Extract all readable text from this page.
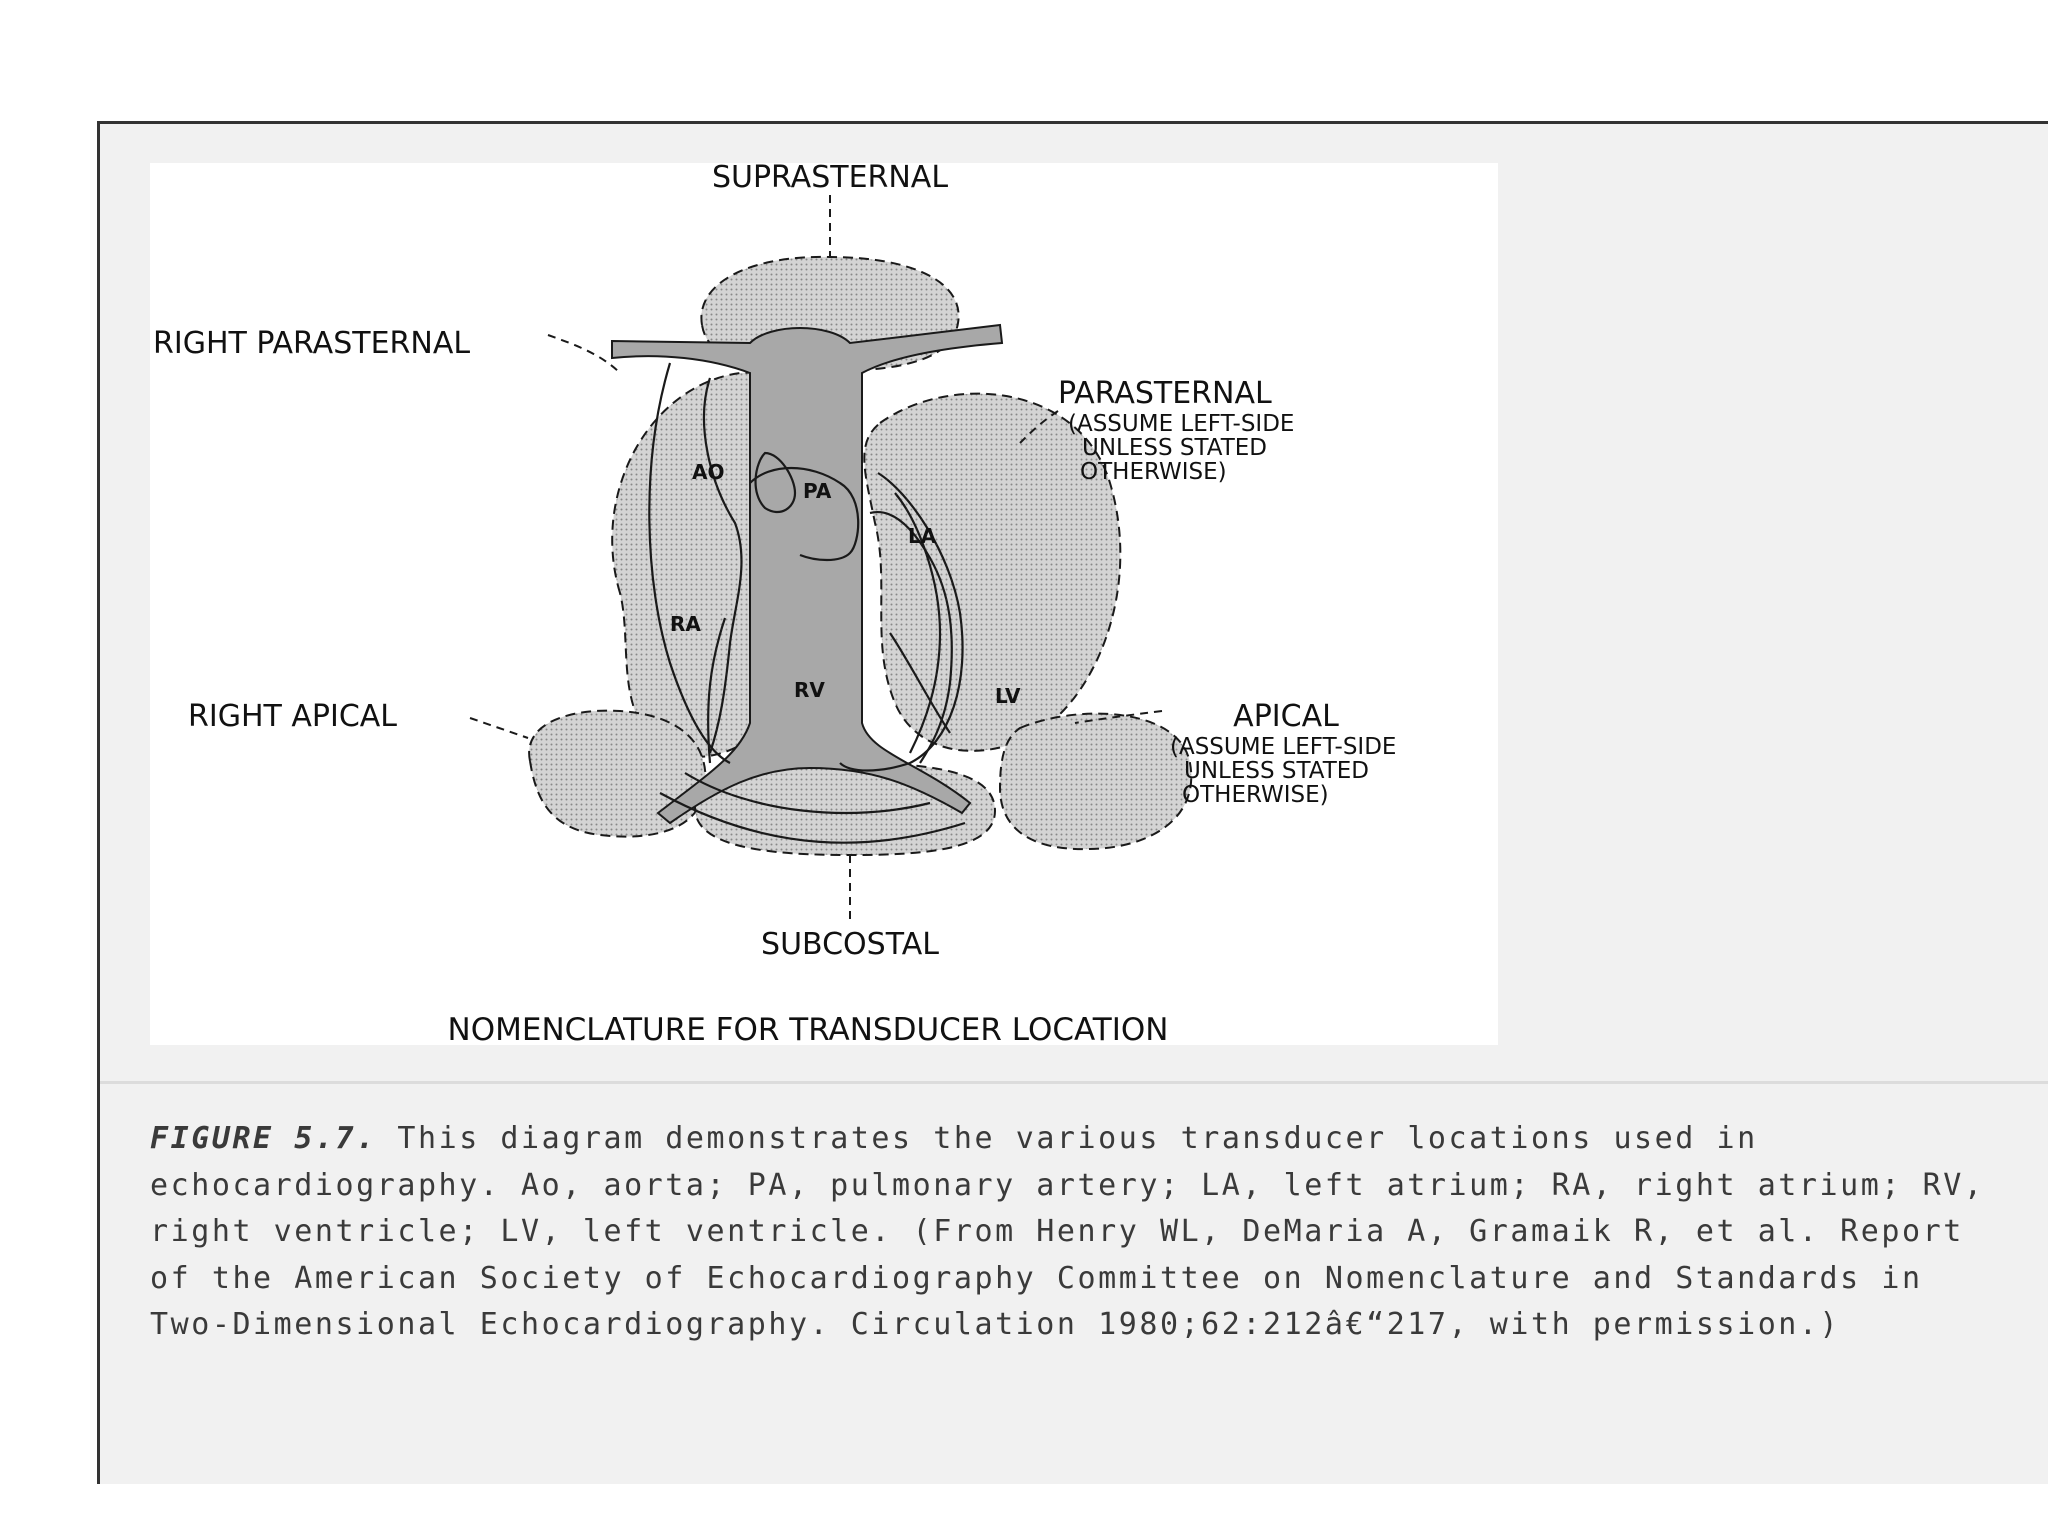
SUPRASTERNAL
RIGHT PARASTERNAL
PARASTERNAL
(ASSUME LEFT-SIDE
UNLESS STATED
OTHERWISE)
RIGHT APICAL	APICAL
(ASSUME LEFT-SIDE
UNLESS STATED
OTHERWISE)
SUBCOSTAL
NOMENCLATURE FOR TRANSDUCER LOCATION
AO
PA
LA
RA
RV	LV
FIGURE 5.7. This diagram demonstrates the various transducer locations used in echocardiography. Ao, aorta; PA, pulmonary artery; LA, left atrium; RA, right atrium; RV, right ventricle; LV, left ventricle. (From Henry WL, DeMaria A, Gramaik R, et al. Report of the American Society of Echocardiography Committee on Nomenclature and Standards in Two-Dimensional Echocardiography. Circulation 1980;62:212â€“217, with permission.)
